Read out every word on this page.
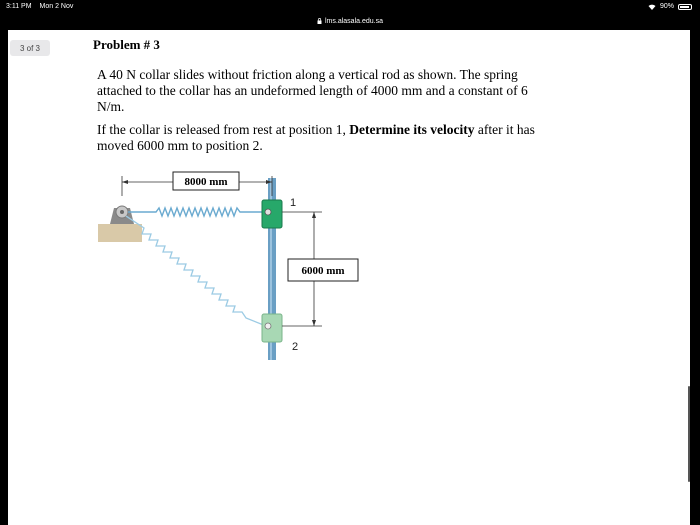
3:11 PM Mon 2 Nov	90%
lms.alasala.edu.sa
3 of 3	Problem # 3
A 40 N collar slides without friction along a vertical rod as shown. The spring
attached to the collar has an undeformed length of 4000 mm and a constant of 6
N/m.
If the collar is released from rest at position 1, Determine its velocity after it has
moved 6000 mm to position 2.
8000 mm
1
2
6000 mm
